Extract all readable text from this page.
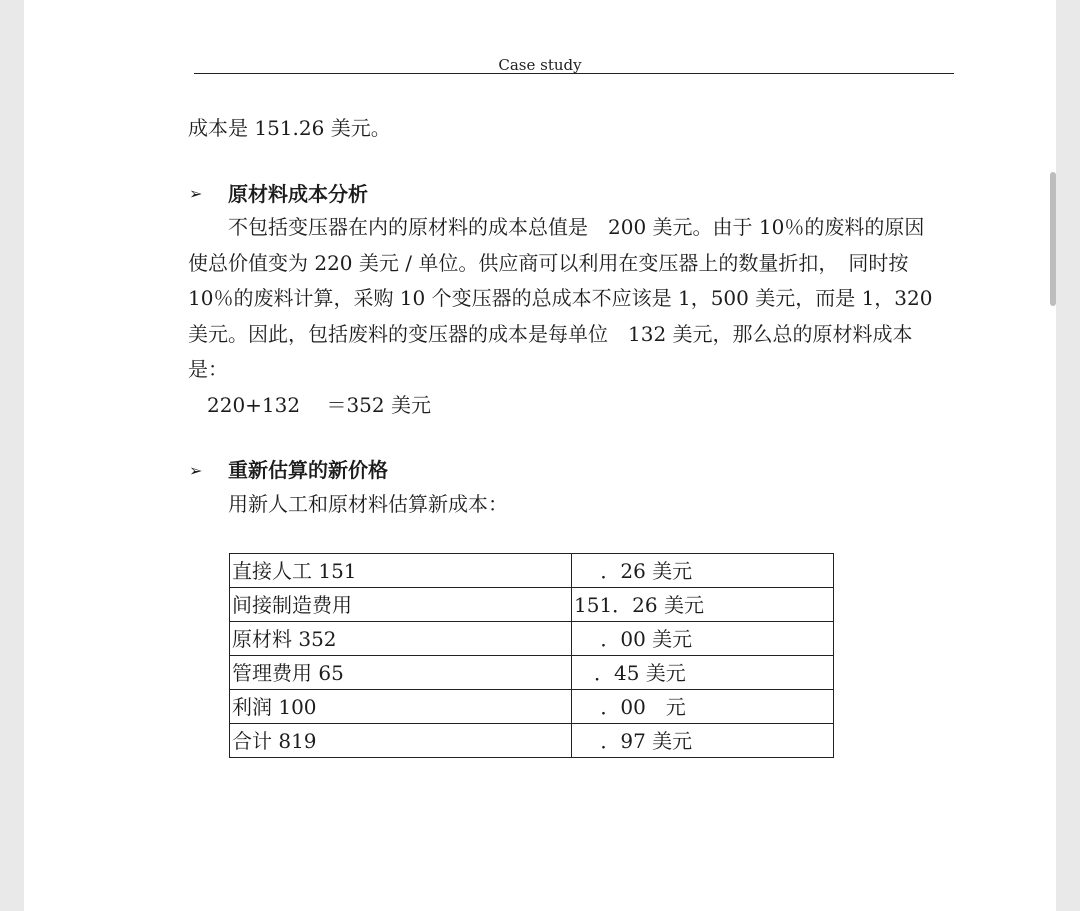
Case study
成本是 151.26 美元。
➢ 原材料成本分析
不包括变压器在内的原材料的成本总值是　200 美元。由于 10％的废料的原因
使总价值变为 220 美元 / 单位。供应商可以利用在变压器上的数量折扣，　同时按
10％的废料计算，采购 10 个变压器的总成本不应该是 1，500 美元，而是 1，320
美元。因此，包括废料的变压器的成本是每单位　132 美元，那么总的原材料成本
是：
220+132　 ＝352 美元
➢ 重新估算的新价格
用新人工和原材料估算新成本：
直接人工 151	　 ．26 美元
间接制造费用	151．26 美元
原材料 352	　 ．00 美元
管理费用 65	　．45 美元
利润 100	　 ．00　元
合计 819	　 ．97 美元
